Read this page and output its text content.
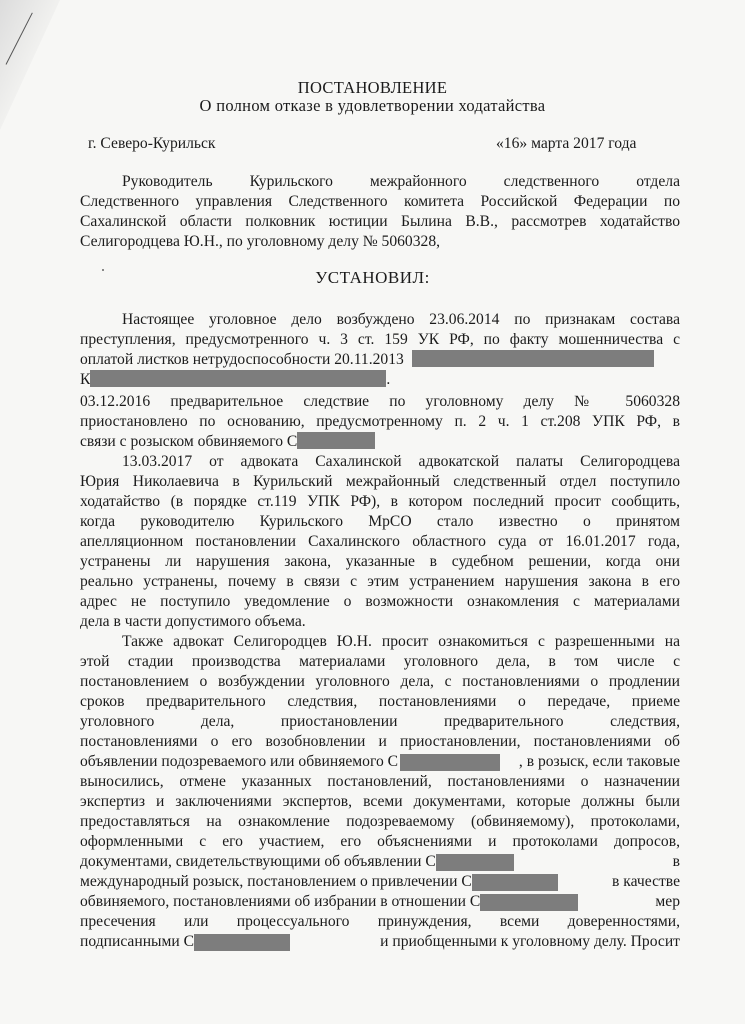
ПОСТАНОВЛЕНИЕ
О полном отказе в удовлетворении ходатайства
г. Северо-Курильск	«16» марта 2017 года
Руководитель Курильского межрайонного следственного отдела
Следственного управления Следственного комитета Российской Федерации по
Сахалинской области полковник юстиции Былина В.В., рассмотрев ходатайство
Селигородцева Ю.Н., по уголовному делу № 5060328,
УСТАНОВИЛ:
Настоящее уголовное дело возбуждено 23.06.2014 по признакам состава
преступления, предусмотренного ч. 3 ст. 159 УК РФ, по факту мошенничества с
оплатой листков нетрудоспособности 20.11.2013
К	.
03.12.2016 предварительное следствие по уголовному делу № 5060328
приостановлено по основанию, предусмотренному п. 2 ч. 1 ст.208 УПК РФ, в
связи с розыском обвиняемого С
13.03.2017 от адвоката Сахалинской адвокатской палаты Селигородцева
Юрия Николаевича в Курильский межрайонный следственный отдел поступило
ходатайство (в порядке ст.119 УПК РФ), в котором последний просит сообщить,
когда руководителю Курильского МрСО стало известно о принятом
апелляционном постановлении Сахалинского областного суда от 16.01.2017 года,
устранены ли нарушения закона, указанные в судебном решении, когда они
реально устранены, почему в связи с этим устранением нарушения закона в его
адрес не поступило уведомление о возможности ознакомления с материалами
дела в части допустимого объема.
Также адвокат Селигородцев Ю.Н. просит ознакомиться с разрешенными на
этой стадии производства материалами уголовного дела, в том числе с
постановлением о возбуждении уголовного дела, с постановлениями о продлении
сроков предварительного следствия, постановлениями о передаче, приеме
уголовного дела, приостановлении предварительного следствия,
постановлениями о его возобновлении и приостановлении, постановлениями об
объявлении подозреваемого или обвиняемого С	, в розыск, если таковые
выносились, отмене указанных постановлений, постановлениями о назначении
экспертиз и заключениями экспертов, всеми документами, которые должны были
предоставляться на ознакомление подозреваемому (обвиняемому), протоколами,
оформленными с его участием, его объяснениями и протоколами допросов,
документами, свидетельствующими об объявлении С	в
международный розыск, постановлением о привлечении С	в качестве
обвиняемого, постановлениями об избрании в отношении С	мер
пресечения или процессуального принуждения, всеми доверенностями,
подписанными С	и приобщенными к уголовному делу. Просит
